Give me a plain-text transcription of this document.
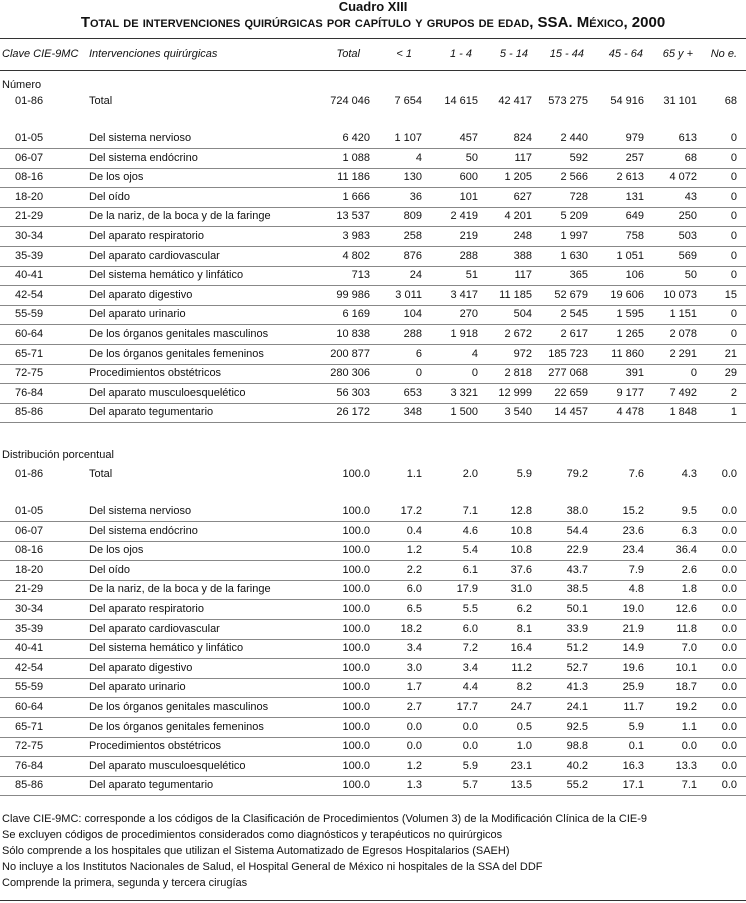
Cuadro XIII
Total de intervenciones quirúrgicas por capítulo y grupos de edad, SSA. México, 2000
Clave CIE-9MC Intervenciones quirúrgicas	Total	< 1	1 - 4	5 - 14	15 - 44	45 - 64	65 y +	No e.
Número
01-86	Total	724 046	7 654	14 615	42 417	573 275	54 916	31 101	68
01-05	Del sistema nervioso	6 420	1 107	457	824	2 440	979	613	0
06-07	Del sistema endócrino	1 088	4	50	117	592	257	68	0
08-16	De los ojos	11 186	130	600	1 205	2 566	2 613	4 072	0
18-20	Del oído	1 666	36	101	627	728	131	43	0
21-29	De la nariz, de la boca y de la faringe	13 537	809	2 419	4 201	5 209	649	250	0
30-34	Del aparato respiratorio	3 983	258	219	248	1 997	758	503	0
35-39	Del aparato cardiovascular	4 802	876	288	388	1 630	1 051	569	0
40-41	Del sistema hemático y linfático	713	24	51	117	365	106	50	0
42-54	Del aparato digestivo	99 986	3 011	3 417	11 185	52 679	19 606	10 073	15
55-59	Del aparato urinario	6 169	104	270	504	2 545	1 595	1 151	0
60-64	De los órganos genitales masculinos	10 838	288	1 918	2 672	2 617	1 265	2 078	0
65-71	De los órganos genitales femeninos	200 877	6	4	972	185 723	11 860	2 291	21
72-75	Procedimientos obstétricos	280 306	0	0	2 818	277 068	391	0	29
76-84	Del aparato musculoesquelético	56 303	653	3 321	12 999	22 659	9 177	7 492	2
85-86	Del aparato tegumentario	26 172	348	1 500	3 540	14 457	4 478	1 848	1
Distribución porcentual
01-86	Total	100.0	1.1	2.0	5.9	79.2	7.6	4.3	0.0
01-05	Del sistema nervioso	100.0	17.2	7.1	12.8	38.0	15.2	9.5	0.0
06-07	Del sistema endócrino	100.0	0.4	4.6	10.8	54.4	23.6	6.3	0.0
08-16	De los ojos	100.0	1.2	5.4	10.8	22.9	23.4	36.4	0.0
18-20	Del oído	100.0	2.2	6.1	37.6	43.7	7.9	2.6	0.0
21-29	De la nariz, de la boca y de la faringe	100.0	6.0	17.9	31.0	38.5	4.8	1.8	0.0
30-34	Del aparato respiratorio	100.0	6.5	5.5	6.2	50.1	19.0	12.6	0.0
35-39	Del aparato cardiovascular	100.0	18.2	6.0	8.1	33.9	21.9	11.8	0.0
40-41	Del sistema hemático y linfático	100.0	3.4	7.2	16.4	51.2	14.9	7.0	0.0
42-54	Del aparato digestivo	100.0	3.0	3.4	11.2	52.7	19.6	10.1	0.0
55-59	Del aparato urinario	100.0	1.7	4.4	8.2	41.3	25.9	18.7	0.0
60-64	De los órganos genitales masculinos	100.0	2.7	17.7	24.7	24.1	11.7	19.2	0.0
65-71	De los órganos genitales femeninos	100.0	0.0	0.0	0.5	92.5	5.9	1.1	0.0
72-75	Procedimientos obstétricos	100.0	0.0	0.0	1.0	98.8	0.1	0.0	0.0
76-84	Del aparato musculoesquelético	100.0	1.2	5.9	23.1	40.2	16.3	13.3	0.0
85-86	Del aparato tegumentario	100.0	1.3	5.7	13.5	55.2	17.1	7.1	0.0
Clave CIE-9MC: corresponde a los códigos de la Clasificación de Procedimientos (Volumen 3) de la Modificación Clínica de la CIE-9
Se excluyen códigos de procedimientos considerados como diagnósticos y terapéuticos no quirúrgicos
Sólo comprende a los hospitales que utilizan el Sistema Automatizado de Egresos Hospitalarios (SAEH)
No incluye a los Institutos Nacionales de Salud, el Hospital General de México ni hospitales de la SSA del DDF
Comprende la primera, segunda y tercera cirugías
